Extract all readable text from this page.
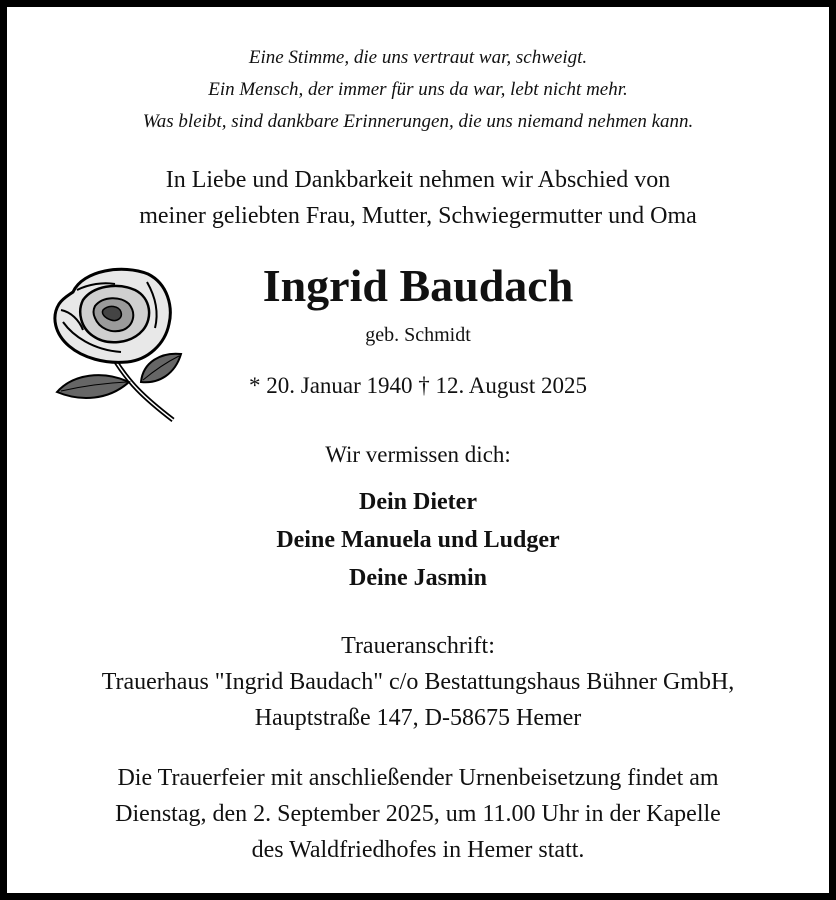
Eine Stimme, die uns vertraut war, schweigt.
Ein Mensch, der immer für uns da war, lebt nicht mehr.
Was bleibt, sind dankbare Erinnerungen, die uns niemand nehmen kann.
In Liebe und Dankbarkeit nehmen wir Abschied von
meiner geliebten Frau, Mutter, Schwiegermutter und Oma
Ingrid Baudach
geb. Schmidt
* 20. Januar 1940 † 12. August 2025
Wir vermissen dich:
Dein Dieter
Deine Manuela und Ludger
Deine Jasmin
Traueranschrift:
Trauerhaus "Ingrid Baudach" c/o Bestattungshaus Bühner GmbH,
Hauptstraße 147, D-58675 Hemer
Die Trauerfeier mit anschließender Urnenbeisetzung findet am
Dienstag, den 2. September 2025, um 11.00 Uhr in der Kapelle
des Waldfriedhofes in Hemer statt.
